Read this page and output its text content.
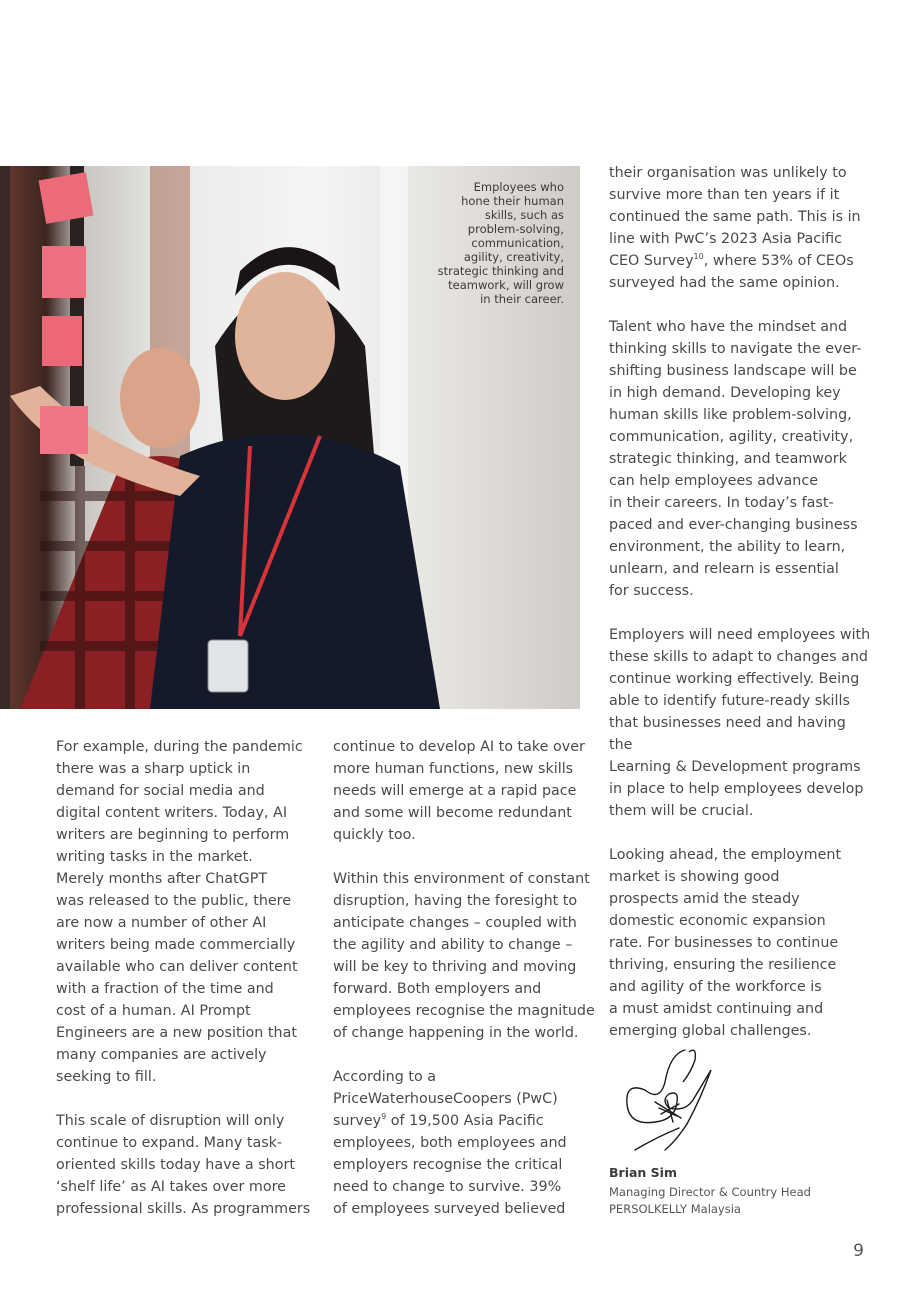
Employees who
hone their human
skills, such as
problem-solving,
communication,
agility, creativity,
strategic thinking and
teamwork, will grow
in their career.

For example, during the pandemic
there was a sharp uptick in
demand for social media and
digital content writers. Today, AI
writers are beginning to perform
writing tasks in the market.
Merely months after ChatGPT
was released to the public, there
are now a number of other AI
writers being made commercially
available who can deliver content
with a fraction of the time and
cost of a human. AI Prompt
Engineers are a new position that
many companies are actively
seeking to fill.

This scale of disruption will only
continue to expand. Many task-
oriented skills today have a short
‘shelf life’ as AI takes over more
professional skills. As programmers

continue to develop AI to take over
more human functions, new skills
needs will emerge at a rapid pace
and some will become redundant
quickly too.

Within this environment of constant
disruption, having the foresight to
anticipate changes – coupled with
the agility and ability to change –
will be key to thriving and moving
forward. Both employers and
employees recognise the magnitude
of change happening in the world.

According to a
PriceWaterhouseCoopers (PwC)
survey$^9$ of 19,500 Asia Pacific
employees, both employees and
employers recognise the critical
need to change to survive. 39%
of employees surveyed believed

their organisation was unlikely to
survive more than ten years if it
continued the same path. This is in
line with PwC’s 2023 Asia Pacific
CEO Survey$^{10}$, where 53% of CEOs
surveyed had the same opinion.

Talent who have the mindset and
thinking skills to navigate the ever-
shifting business landscape will be
in high demand. Developing key
human skills like problem-solving,
communication, agility, creativity,
strategic thinking, and teamwork
can help employees advance
in their careers. In today’s fast-
paced and ever-changing business
environment, the ability to learn,
unlearn, and relearn is essential
for success.

Employers will need employees with
these skills to adapt to changes and
continue working effectively. Being
able to identify future-ready skills
that businesses need and having the
Learning & Development programs
in place to help employees develop
them will be crucial.

Looking ahead, the employment
market is showing good
prospects amid the steady
domestic economic expansion
rate. For businesses to continue
thriving, ensuring the resilience
and agility of the workforce is
a must amidst continuing and
emerging global challenges.

Brian Sim
Managing Director & Country Head
PERSOLKELLY Malaysia
9
